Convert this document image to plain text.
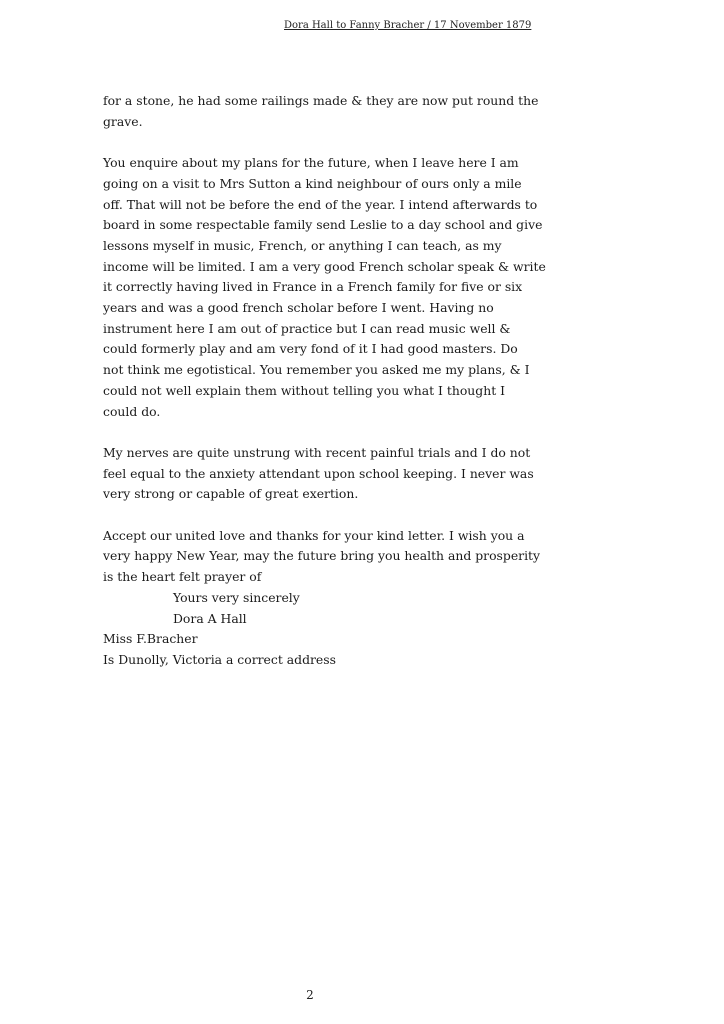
Dora Hall to Fanny Bracher / 17 November 1879

for a stone, he had some railings made & they are now put round the
grave.

You enquire about my plans for the future, when I leave here I am
going on a visit to Mrs Sutton a kind neighbour of ours only a mile
off. That will not be before the end of the year. I intend afterwards to
board in some respectable family send Leslie to a day school and give
lessons myself in music, French, or anything I can teach, as my
income will be limited. I am a very good French scholar speak & write
it correctly having lived in France in a French family for five or six
years and was a good french scholar before I went. Having no
instrument here I am out of practice but I can read music well &
could formerly play and am very fond of it I had good masters. Do
not think me egotistical. You remember you asked me my plans, & I
could not well explain them without telling you what I thought I
could do.

My nerves are quite unstrung with recent painful trials and I do not
feel equal to the anxiety attendant upon school keeping. I never was
very strong or capable of great exertion.

Accept our united love and thanks for your kind letter. I wish you a
very happy New Year, may the future bring you health and prosperity
is the heart felt prayer of
Yours very sincerely
Dora A Hall
Miss F.Bracher
Is Dunolly, Victoria a correct address
2
